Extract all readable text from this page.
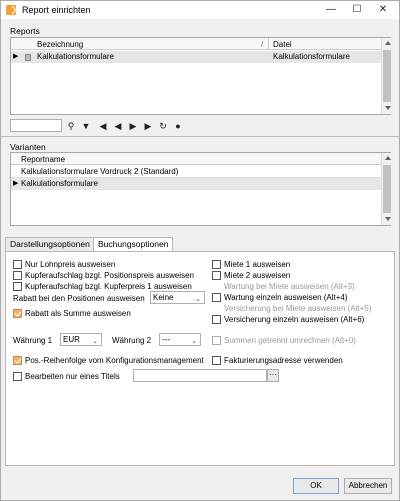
Report einrichten	—	☐	✕
Reports
Bezeichnung	/ Datei
▶ Kalkulationsformulare	Kalkulationsformulare
⚲ ▼ ◀ ◀ ▶ ▶ ↻ ●
Varianten
Reportname
Kalkulationsformulare Vordruck 2 (Standard)
▶ Kalkulationsformulare
Darstellungsoptionen Buchungsoptionen
Nur Lohnpreis ausweisen
Kupferaufschlag bzgl. Positionspreis ausweisen
Kupferaufschlag bzgl. Kupferpreis 1 ausweisen
Rabatt bei den Positionen ausweisen	Keine	⌄
Rabatt als Summe ausweisen
Miete 1 ausweisen
Miete 2 ausweisen
Wartung bei Miete ausweisen (Alt+3)
Wartung einzeln ausweisen (Alt+4)
Versicherung bei Miete ausweisen (Alt+5)
Versicherung einzeln ausweisen (Alt+6)
Währung 1	EUR ⌄ Währung 2	---	⌄	Summen getrennt umrechnen (Alt+0)
Pos.-Reihenfolge vom Konfigurationsmanagement	Fakturierungsadresse verwenden
Bearbeiten nur eines Titels	···
OK	Abbrechen
